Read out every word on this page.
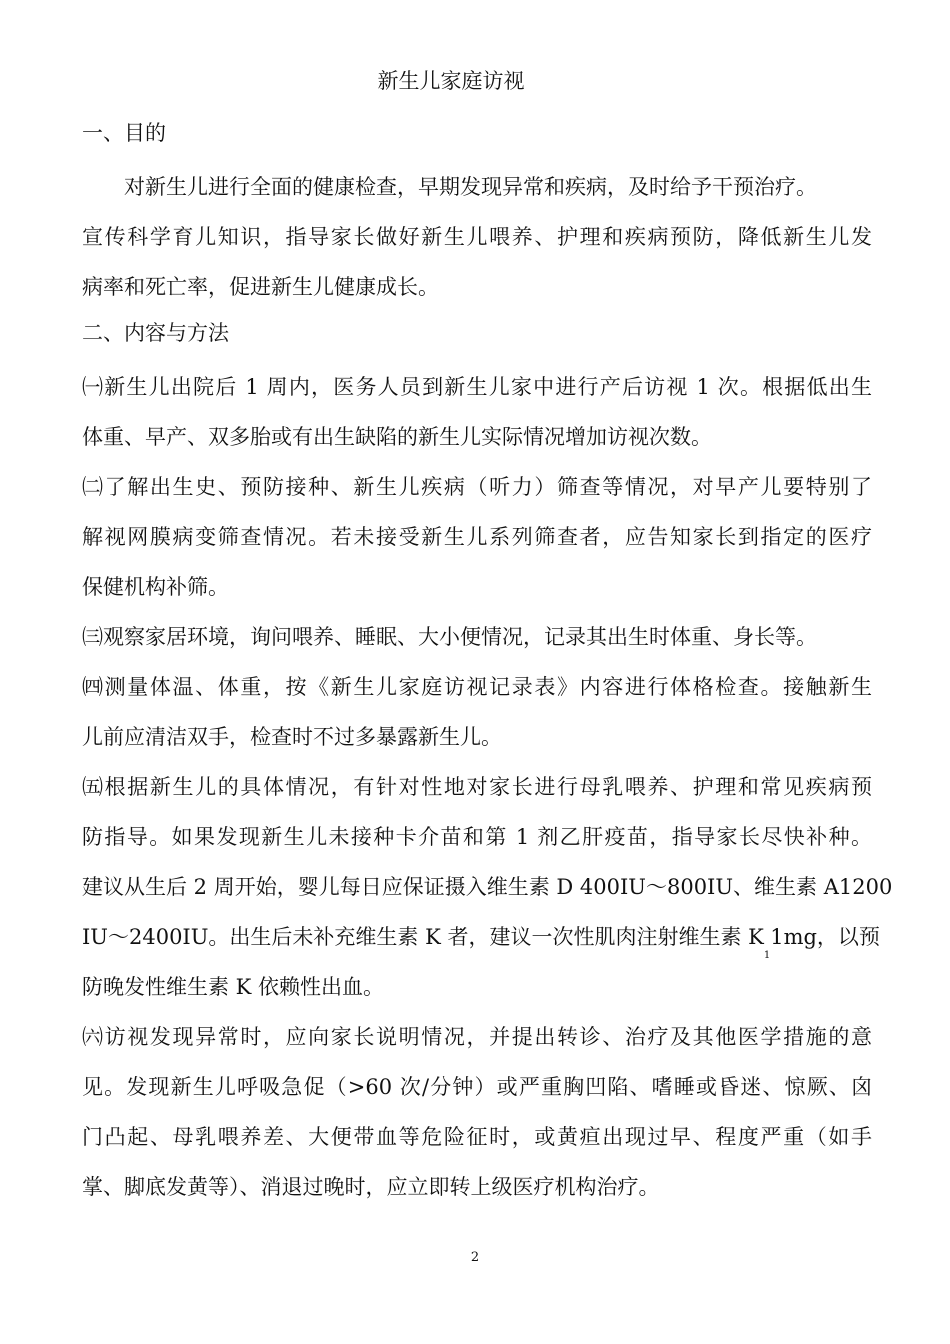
新生儿家庭访视
一、目的
对新生儿进行全面的健康检查，早期发现异常和疾病，及时给予干预治疗。
宣传科学育儿知识，指导家长做好新生儿喂养、护理和疾病预防，降低新生儿发
病率和死亡率，促进新生儿健康成长。
二、内容与方法
㈠新生儿出院后 1 周内，医务人员到新生儿家中进行产后访视 1 次。根据低出生
体重、早产、双多胎或有出生缺陷的新生儿实际情况增加访视次数。
㈡了解出生史、预防接种、新生儿疾病（听力）筛查等情况，对早产儿要特别了
解视网膜病变筛查情况。若未接受新生儿系列筛查者，应告知家长到指定的医疗
保健机构补筛。
㈢观察家居环境，询问喂养、睡眠、大小便情况，记录其出生时体重、身长等。
㈣测量体温、体重，按《新生儿家庭访视记录表》内容进行体格检查。接触新生
儿前应清洁双手，检查时不过多暴露新生儿。
㈤根据新生儿的具体情况，有针对性地对家长进行母乳喂养、护理和常见疾病预
防指导。如果发现新生儿未接种卡介苗和第 1 剂乙肝疫苗，指导家长尽快补种。
建议从生后 2 周开始，婴儿每日应保证摄入维生素 D 400IU～800IU、维生素 A1200
IU～2400IU。出生后未补充维生素 K 者，建议一次性肌肉注射维生素 $K_11mg$，以预
防晚发性维生素 K 依赖性出血。
㈥访视发现异常时，应向家长说明情况，并提出转诊、治疗及其他医学措施的意
见。发现新生儿呼吸急促（>60 次/分钟）或严重胸凹陷、嗜睡或昏迷、惊厥、囟
门凸起、母乳喂养差、大便带血等危险征时，或黄疸出现过早、程度严重（如手
掌、脚底发黄等）、消退过晚时，应立即转上级医疗机构治疗。
2
